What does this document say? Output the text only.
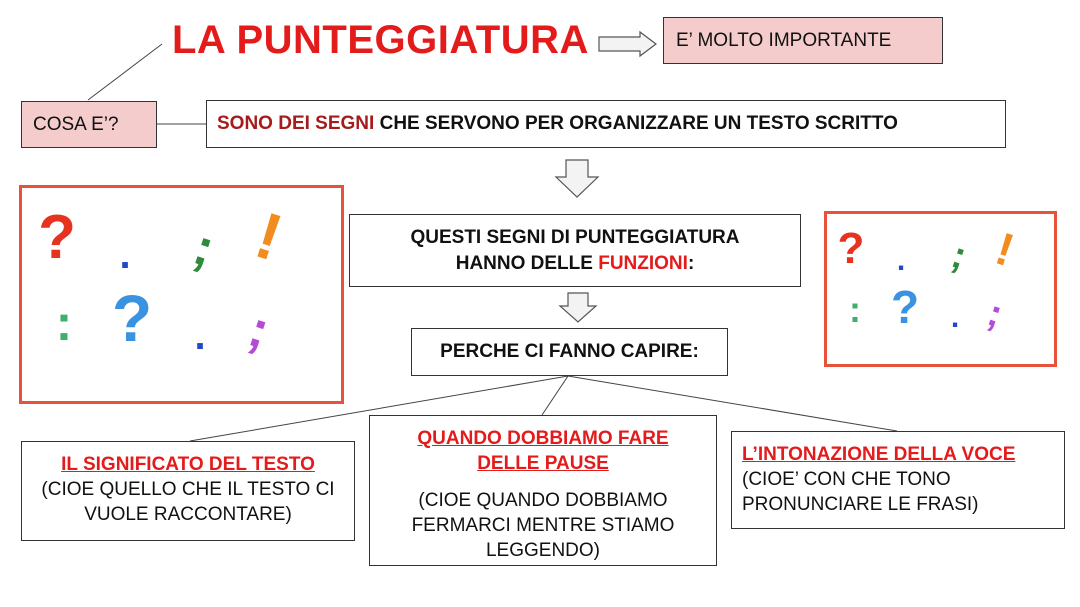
LA PUNTEGGIATURA	E’ MOLTO IMPORTANTE
COSA E’?	SONO DEI SEGNI CHE SERVONO PER ORGANIZZARE UN TESTO SCRITTO
? . ; !
: ? . ;
? . ; !
: ? . ;
QUESTI SEGNI DI PUNTEGGIATURA
HANNO DELLE FUNZIONI:
PERCHE CI FANNO CAPIRE:
IL SIGNIFICATO DEL TESTO
(CIOE QUELLO CHE IL TESTO CI VUOLE RACCONTARE)
QUANDO DOBBIAMO FARE DELLE PAUSE
(CIOE QUANDO DOBBIAMO FERMARCI MENTRE STIAMO LEGGENDO)
L’INTONAZIONE DELLA VOCE
(CIOE’ CON CHE TONO PRONUNCIARE LE FRASI)
